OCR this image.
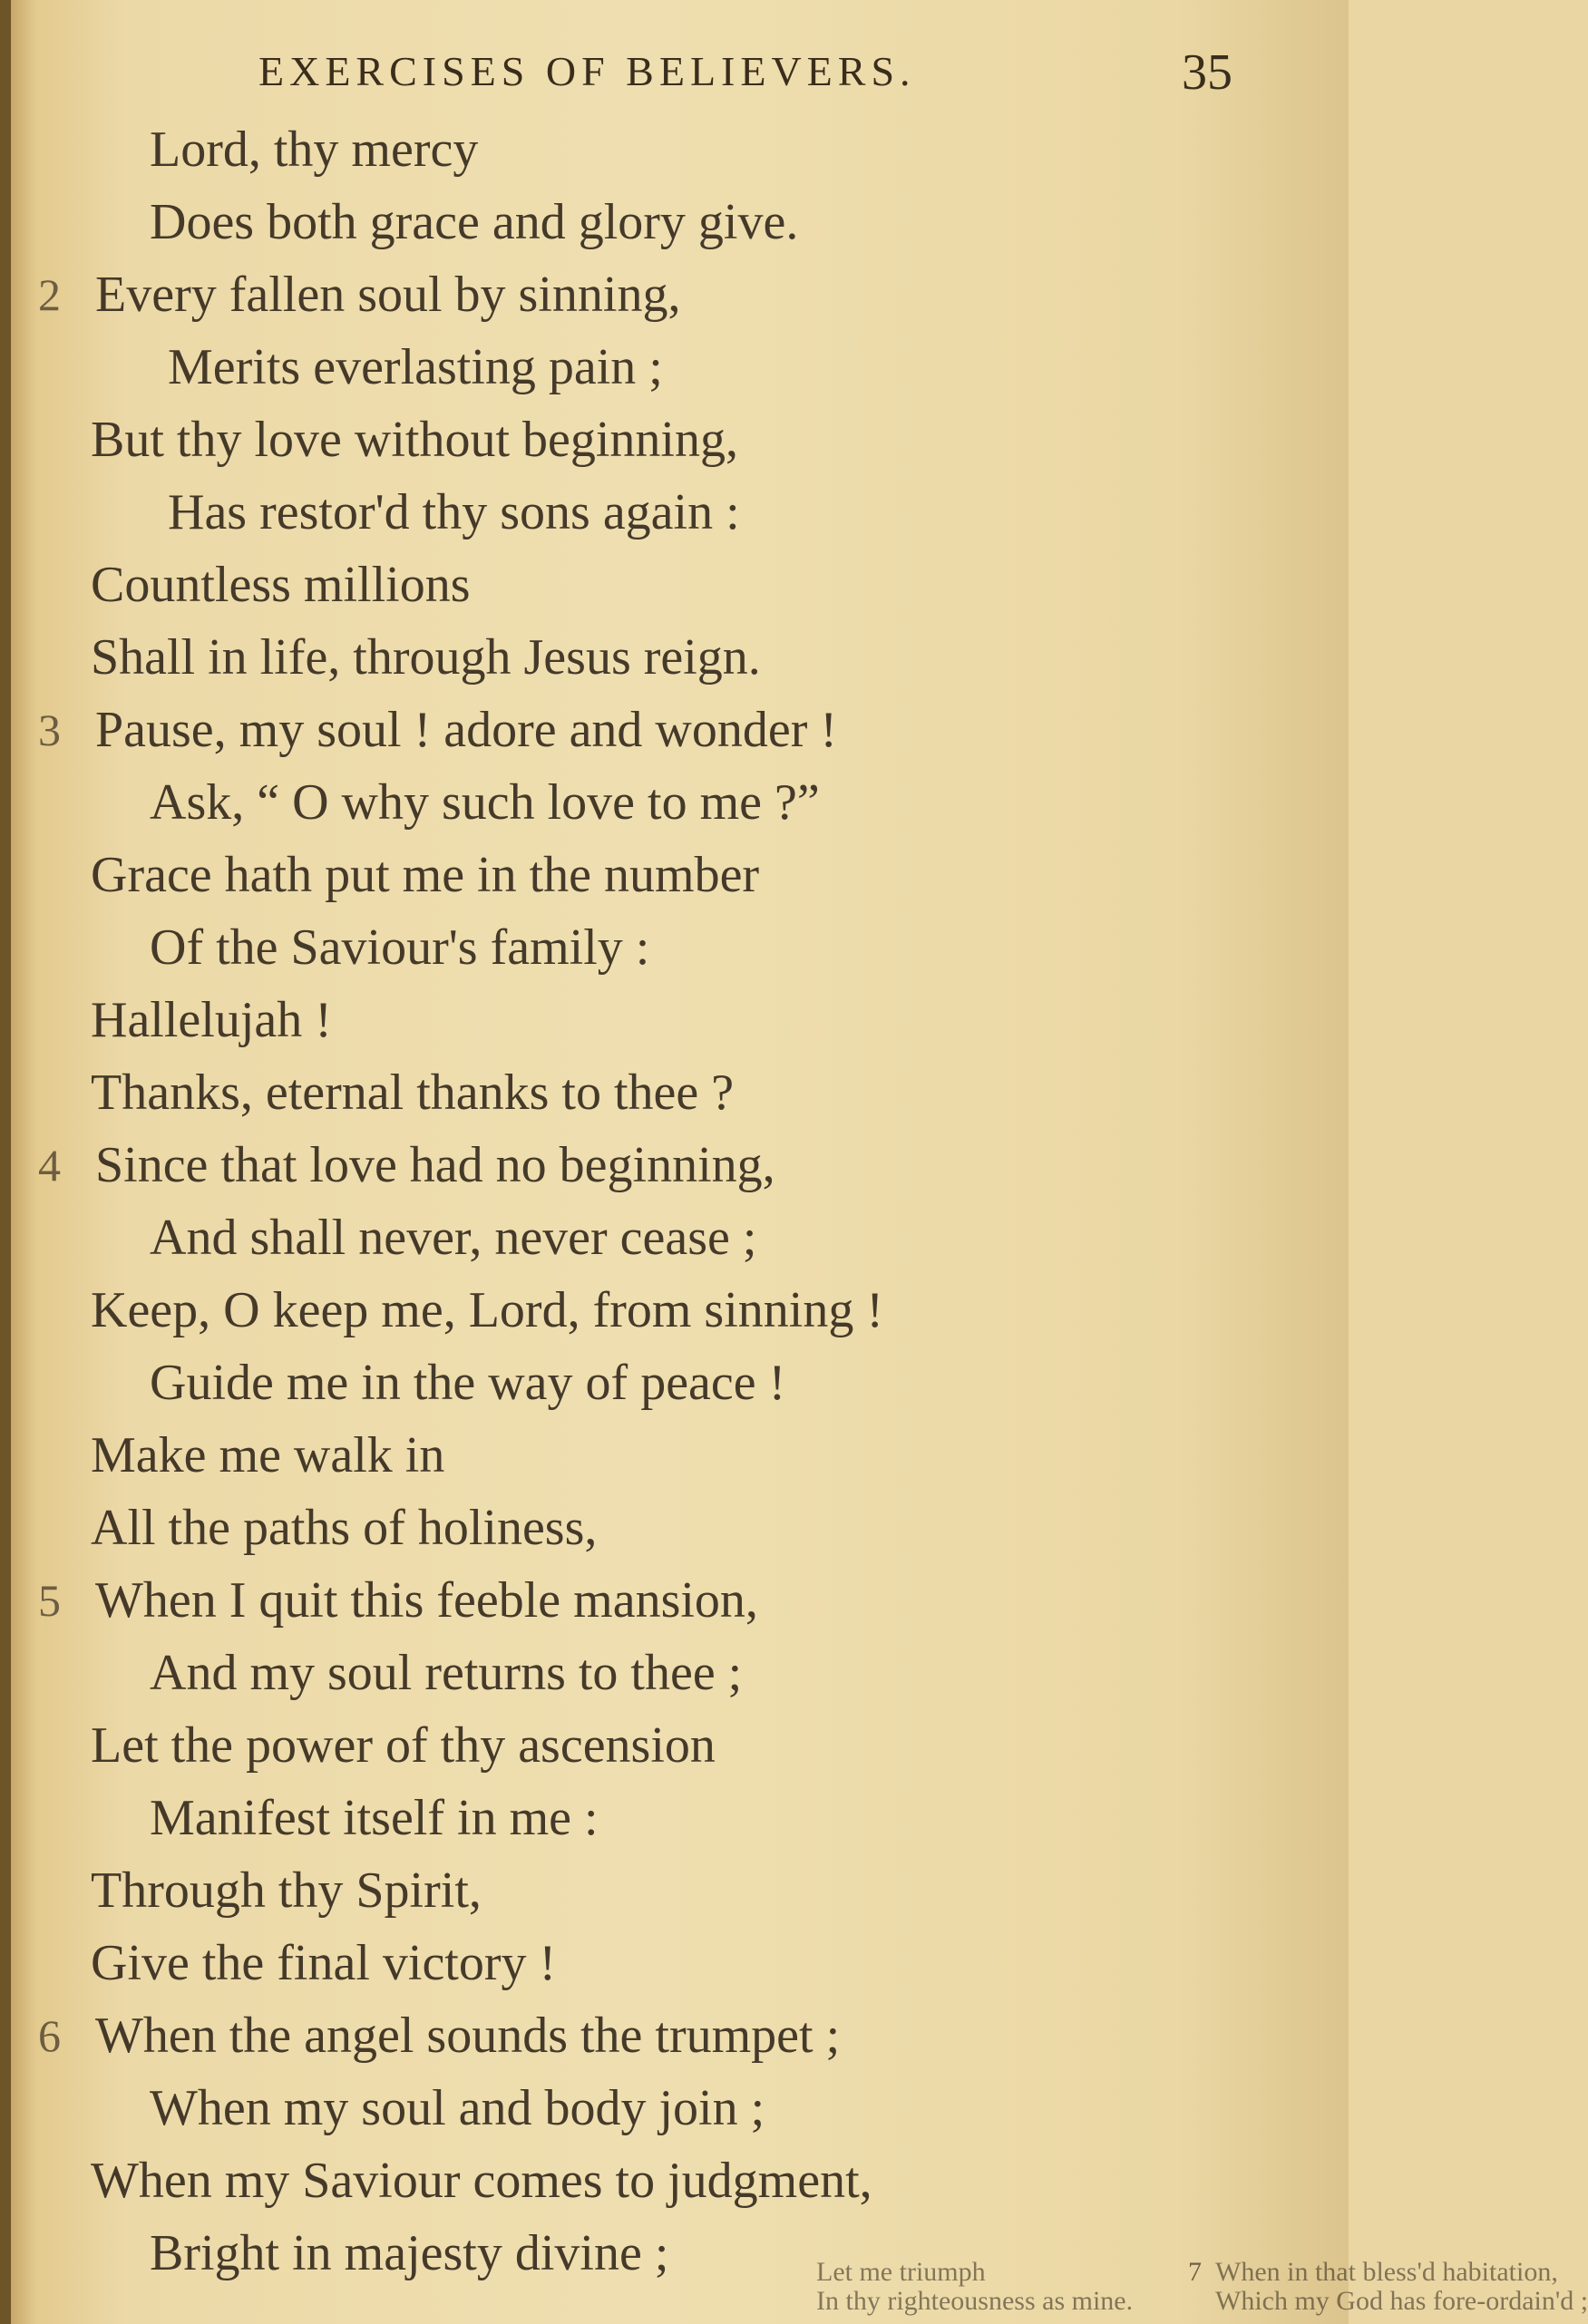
EXERCISES OF BELIEVERS.	35
Lord, thy mercy
Does both grace and glory give.
2 Every fallen soul by sinning,
Merits everlasting pain ;
But thy love without beginning,
Has restor'd thy sons again :
Countless millions
Shall in life, through Jesus reign.
3 Pause, my soul ! adore and wonder !
Ask, “ O why such love to me ?”
Grace hath put me in the number
Of the Saviour's family :
Hallelujah !
Thanks, eternal thanks to thee ?
4 Since that love had no beginning,
And shall never, never cease ;
Keep, O keep me, Lord, from sinning !
Guide me in the way of peace !
Make me walk in
All the paths of holiness,
5 When I quit this feeble mansion,
And my soul returns to thee ;
Let the power of thy ascension
Manifest itself in me :
Through thy Spirit,
Give the final victory !
6 When the angel sounds the trumpet ;
When my soul and body join ;
When my Saviour comes to judgment,
Bright in majesty divine ;	Let me triumph
In thy righteousness as mine.
7 When in that bless'd habitation,
Which my God has fore-ordain'd ;
